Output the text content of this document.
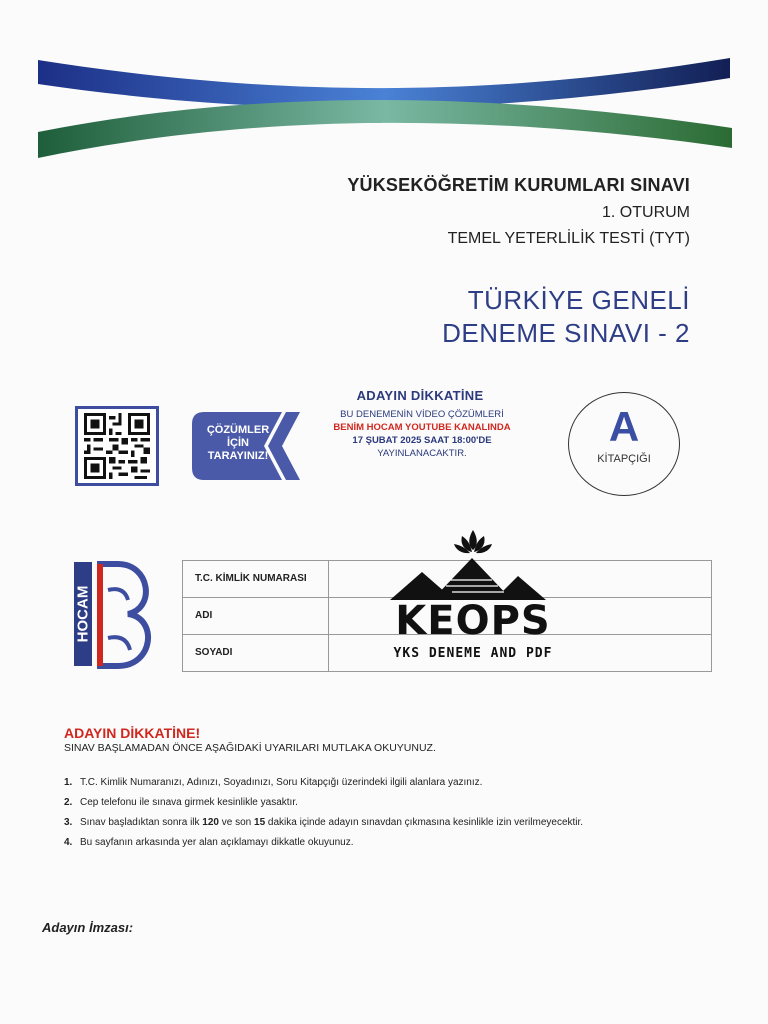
YÜKSEKÖĞRETİM KURUMLARI SINAVI
1. OTURUM
TEMEL YETERLİLİK TESTİ (TYT)
TÜRKİYE GENELİ
DENEME SINAVI - 2
ÇÖZÜMLER
İÇİN
TARAYINIZ!
ADAYIN DİKKATİNE
BU DENEMENİN VİDEO ÇÖZÜMLERİ
BENİM HOCAM YOUTUBE KANALINDA
17 ŞUBAT 2025 SAAT 18:00'DE
YAYINLANACAKTIR.
A
KİTAPÇIĞI
HOCAM
T.C. KİMLİK NUMARASI
ADI
SOYADI
KEOPS
YKS DENEME AND PDF
ADAYIN DİKKATİNE!
SINAV BAŞLAMADAN ÖNCE AŞAĞIDAKİ UYARILARI MUTLAKA OKUYUNUZ.
1. T.C. Kimlik Numaranızı, Adınızı, Soyadınızı, Soru Kitapçığı üzerindeki ilgili alanlara yazınız.
2. Cep telefonu ile sınava girmek kesinlikle yasaktır.
3. Sınav başladıktan sonra ilk 120 ve son 15 dakika içinde adayın sınavdan çıkmasına kesinlikle izin verilmeyecektir.
4. Bu sayfanın arkasında yer alan açıklamayı dikkatle okuyunuz.
Adayın İmzası:
